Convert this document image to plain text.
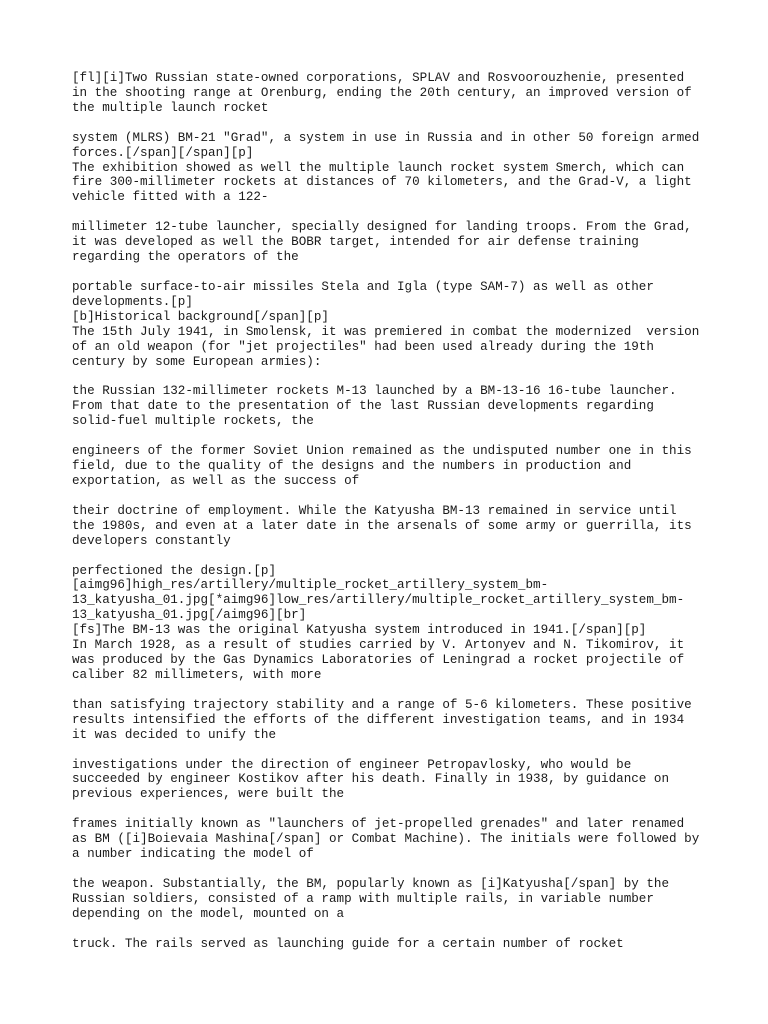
[fl][i]Two Russian state-owned corporations, SPLAV and Rosvoorouzhenie, presented
in the shooting range at Orenburg, ending the 20th century, an improved version of
the multiple launch rocket
system (MLRS) BM-21 "Grad", a system in use in Russia and in other 50 foreign armed
forces.[/span][/span][p]
The exhibition showed as well the multiple launch rocket system Smerch, which can
fire 300-millimeter rockets at distances of 70 kilometers, and the Grad-V, a light
vehicle fitted with a 122-
millimeter 12-tube launcher, specially designed for landing troops. From the Grad,
it was developed as well the BOBR target, intended for air defense training
regarding the operators of the
portable surface-to-air missiles Stela and Igla (type SAM-7) as well as other
developments.[p]
[b]Historical background[/span][p]
The 15th July 1941, in Smolensk, it was premiered in combat the modernized  version
of an old weapon (for "jet projectiles" had been used already during the 19th
century by some European armies):
the Russian 132-millimeter rockets M-13 launched by a BM-13-16 16-tube launcher.
From that date to the presentation of the last Russian developments regarding
solid-fuel multiple rockets, the
engineers of the former Soviet Union remained as the undisputed number one in this
field, due to the quality of the designs and the numbers in production and
exportation, as well as the success of
their doctrine of employment. While the Katyusha BM-13 remained in service until
the 1980s, and even at a later date in the arsenals of some army or guerrilla, its
developers constantly
perfectioned the design.[p]
[aimg96]high_res/artillery/multiple_rocket_artillery_system_bm-
13_katyusha_01.jpg[*aimg96]low_res/artillery/multiple_rocket_artillery_system_bm-
13_katyusha_01.jpg[/aimg96][br]
[fs]The BM-13 was the original Katyusha system introduced in 1941.[/span][p]
In March 1928, as a result of studies carried by V. Artonyev and N. Tikomirov, it
was produced by the Gas Dynamics Laboratories of Leningrad a rocket projectile of
caliber 82 millimeters, with more
than satisfying trajectory stability and a range of 5-6 kilometers. These positive
results intensified the efforts of the different investigation teams, and in 1934
it was decided to unify the
investigations under the direction of engineer Petropavlosky, who would be
succeeded by engineer Kostikov after his death. Finally in 1938, by guidance on
previous experiences, were built the
frames initially known as "launchers of jet-propelled grenades" and later renamed
as BM ([i]Boievaia Mashina[/span] or Combat Machine). The initials were followed by
a number indicating the model of
the weapon. Substantially, the BM, popularly known as [i]Katyusha[/span] by the
Russian soldiers, consisted of a ramp with multiple rails, in variable number
depending on the model, mounted on a
truck. The rails served as launching guide for a certain number of rocket
